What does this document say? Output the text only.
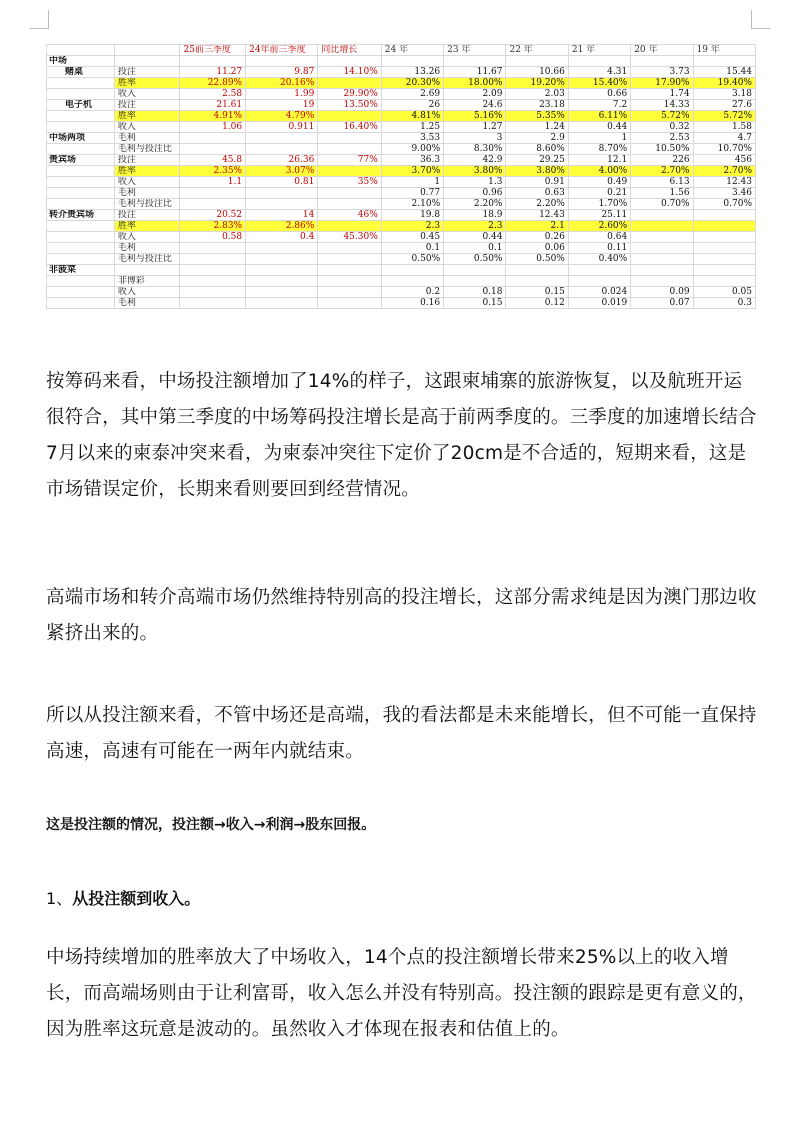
		25前三季度	24年前三季度	同比增长	24 年	23 年	22 年	21 年	20 年	19 年
中场										
赌桌	投注	11.27	9.87	14.10%	13.26	11.67	10.66	4.31	3.73	15.44
	胜率	22.89%	20.16%		20.30%	18.00%	19.20%	15.40%	17.90%	19.40%
	收入	2.58	1.99	29.90%	2.69	2.09	2.03	0.66	1.74	3.18
电子机	投注	21.61	19	13.50%	26	24.6	23.18	7.2	14.33	27.6
	胜率	4.91%	4.79%		4.81%	5.16%	5.35%	6.11%	5.72%	5.72%
	收入	1.06	0.911	16.40%	1.25	1.27	1.24	0.44	0.32	1.58
中场两项	毛利				3.53	3	2.9	1	2.53	4.7
	毛利与投注比				9.00%	8.30%	8.60%	8.70%	10.50%	10.70%
贵宾场	投注	45.8	26.36	77%	36.3	42.9	29.25	12.1	226	456
	胜率	2.35%	3.07%		3.70%	3.80%	3.80%	4.00%	2.70%	2.70%
	收入	1.1	0.81	35%	1	1.3	0.91	0.49	6.13	12.43
	毛利				0.77	0.96	0.63	0.21	1.56	3.46
	毛利与投注比				2.10%	2.20%	2.20%	1.70%	0.70%	0.70%
转介贵宾场	投注	20.52	14	46%	19.8	18.9	12.43	25.11		
	胜率	2.83%	2.86%		2.3	2.3	2.1	2.60%		
	收入	0.58	0.4	45.30%	0.45	0.44	0.26	0.64		
	毛利				0.1	0.1	0.06	0.11		
	毛利与投注比				0.50%	0.50%	0.50%	0.40%		
非菠菜										
	非博彩									
	收入				0.2	0.18	0.15	0.024	0.09	0.05
	毛利				0.16	0.15	0.12	0.019	0.07	0.3

按筹码来看，中场投注额增加了14%的样子，这跟柬埔寨的旅游恢复，以及航班开运很符合，其中第三季度的中场筹码投注增长是高于前两季度的。三季度的加速增长结合7月以来的柬泰冲突来看，为柬泰冲突往下定价了20cm是不合适的，短期来看，这是市场错误定价，长期来看则要回到经营情况。

高端市场和转介高端市场仍然维持特别高的投注增长，这部分需求纯是因为澳门那边收紧挤出来的。

所以从投注额来看，不管中场还是高端，我的看法都是未来能增长，但不可能一直保持高速，高速有可能在一两年内就结束。

这是投注额的情况，投注额→收入→利润→股东回报。

1、从投注额到收入。

中场持续增加的胜率放大了中场收入，14个点的投注额增长带来25%以上的收入增长，而高端场则由于让利富哥，收入怎么并没有特别高。投注额的跟踪是更有意义的，因为胜率这玩意是波动的。虽然收入才体现在报表和估值上的。
